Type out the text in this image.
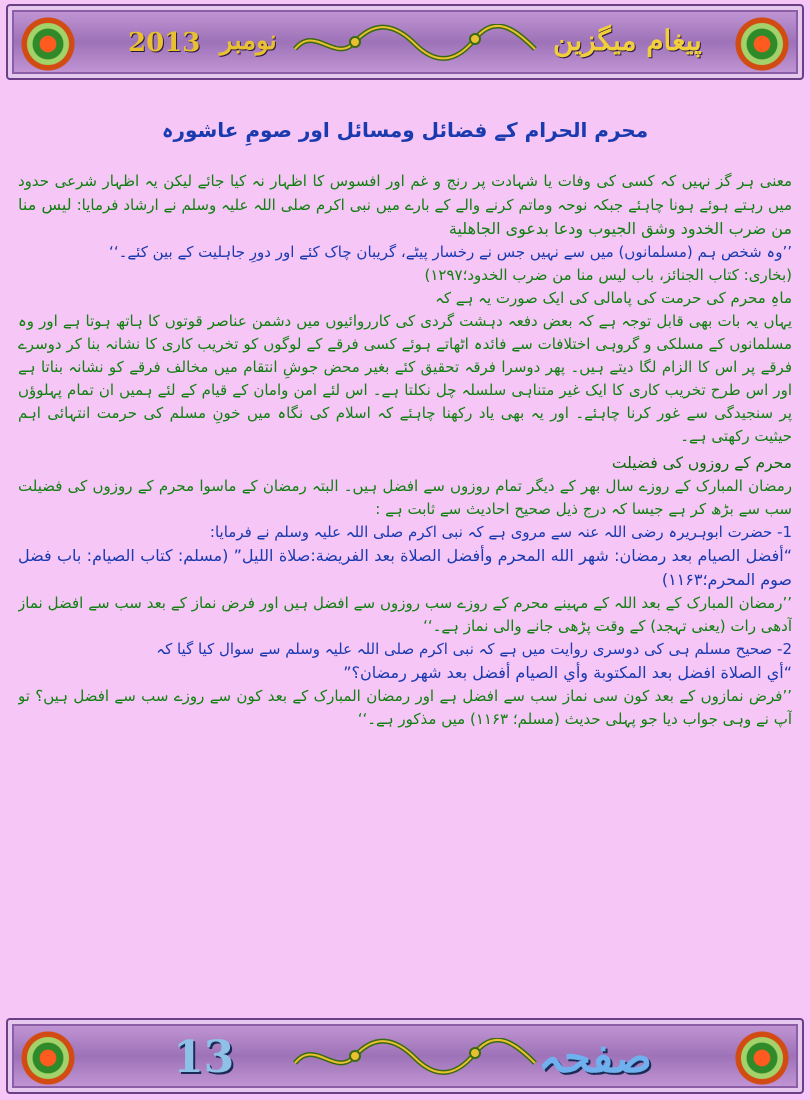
2013 نومبر	پیغام میگزین
محرم الحرام کے فضائل ومسائل اور صومِ عاشورہ

معنی ہر گز نہیں کہ کسی کی وفات یا شہادت پر رنج و غم اور افسوس کا اظہار نہ کیا جائے لیکن یہ اظہار شرعی حدود میں رہتے ہوئے ہونا چاہئے جبکہ نوحہ وماتم کرنے والے کے بارے میں نبی اکرم صلی اللہ علیہ وسلم نے ارشاد فرمایا: لیس منا من ضرب الخدود وشق الجیوب ودعا بدعوی الجاھلیة

’’وہ شخص ہم (مسلمانوں) میں سے نہیں جس نے رخسار پیٹے، گریبان چاک کئے اور دورِ جاہلیت کے بین کئے۔‘‘

(بخاری: کتاب الجنائز، باب لیس منا من ضرب الخدود؛۱۲۹۷)

ماہِ محرم کی حرمت کی پامالی کی ایک صورت یہ ہے کہ

یہاں یہ بات بھی قابل توجہ ہے کہ بعض دفعہ دہشت گردی کی کارروائیوں میں دشمن عناصر قوتوں کا ہاتھ ہوتا ہے اور وہ مسلمانوں کے مسلکی و گروہی اختلافات سے فائدہ اٹھاتے ہوئے کسی فرقے کے لوگوں کو تخریب کاری کا نشانہ بنا کر دوسرے فرقے پر اس کا الزام لگا دیتے ہیں۔ پھر دوسرا فرقہ تحقیق کئے بغیر محض جوشِ انتقام میں مخالف فرقے کو نشانہ بناتا ہے اور اس طرح تخریب کاری کا ایک غیر متناہی سلسلہ چل نکلتا ہے۔ اس لئے امن وامان کے قیام کے لئے ہمیں ان تمام پہلوؤں پر سنجیدگی سے غور کرنا چاہئے۔ اور یہ بھی یاد رکھنا چاہئے کہ اسلام کی نگاہ میں خونِ مسلم کی حرمت انتہائی اہم حیثیت رکھتی ہے۔

محرم کے روزوں کی فضیلت

رمضان المبارک کے روزے سال بھر کے دیگر تمام روزوں سے افضل ہیں۔ البتہ رمضان کے ماسوا محرم کے روزوں کی فضیلت سب سے بڑھ کر ہے جیسا کہ درج ذیل صحیح احادیث سے ثابت ہے :

1- حضرت ابوہریرہ رضی اللہ عنہ سے مروی ہے کہ نبی اکرم صلی اللہ علیہ وسلم نے فرمایا:

“أفضل الصیام بعد رمضان: شھر الله المحرم وأفضل الصلاة بعد الفریضة:صلاة اللیل” (مسلم: کتاب الصیام: باب فضل صوم المحرم؛۱۱۶۳)

’’رمضان المبارک کے بعد اللہ کے مہینے محرم کے روزے سب روزوں سے افضل ہیں اور فرض نماز کے بعد سب سے افضل نماز آدھی رات (یعنی تہجد) کے وقت پڑھی جانے والی نماز ہے۔‘‘

2- صحیح مسلم ہی کی دوسری روایت میں ہے کہ نبی اکرم صلی اللہ علیہ وسلم سے سوال کیا گیا کہ

“أي الصلاة افضل بعد المکتوبة وأي الصیام أفضل بعد شھر رمضان؟”

’’فرض نمازوں کے بعد کون سی نماز سب سے افضل ہے اور رمضان المبارک کے بعد کون سے روزے سب سے افضل ہیں؟ تو آپ نے وہی جواب دیا جو پہلی حدیث (مسلم؛ ۱۱۶۳) میں مذکور ہے۔‘‘

13	صفحہ
